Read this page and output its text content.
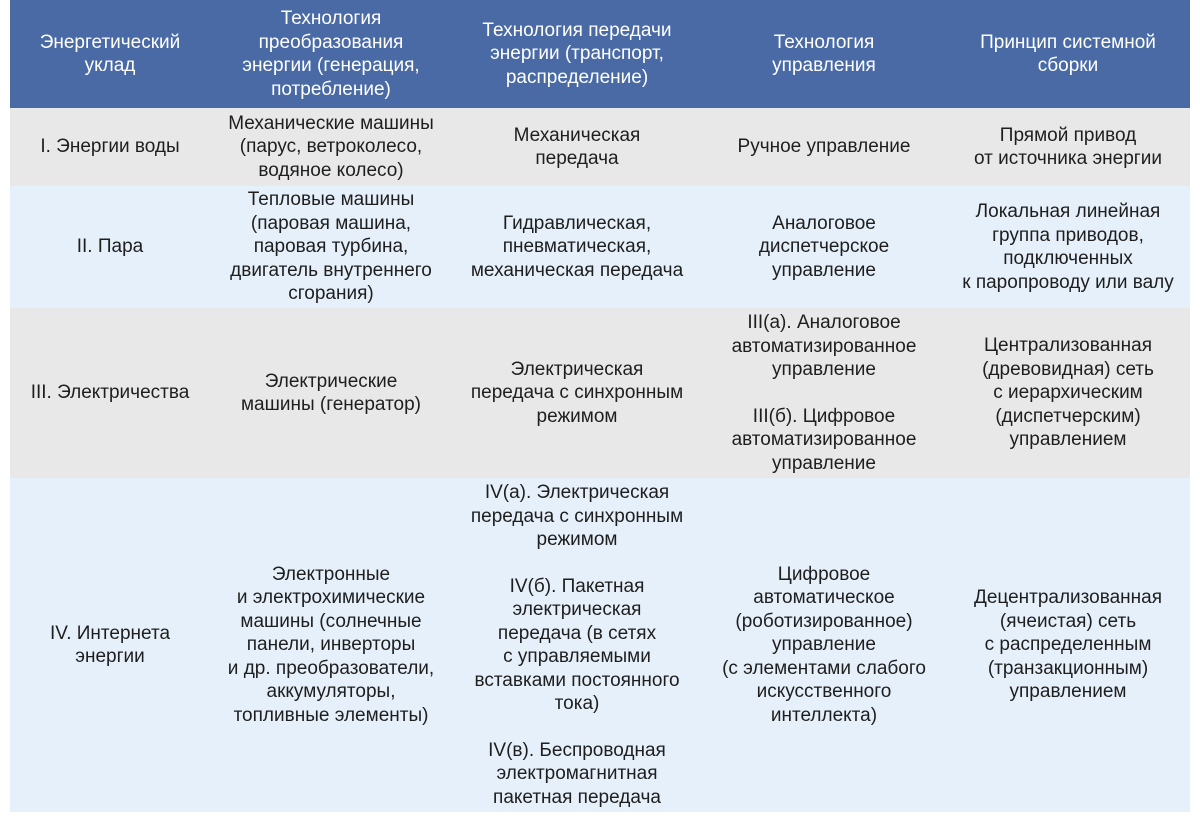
Энергетический
уклад
Технология
преобразования
энергии (генерация,
потребление)
Технология передачи
энергии (транспорт,
распределение)
Технология
управления
Принцип системной
сборки
I. Энергии воды
Механические машины
(парус, ветроколесо,
водяное колесо)
Механическая
передача
Ручное управление
Прямой привод
от источника энергии
II. Пара
Тепловые машины
(паровая машина,
паровая турбина,
двигатель внутреннего
сгорания)
Гидравлическая,
пневматическая,
механическая передача
Аналоговое
диспетчерское
управление
Локальная линейная
группа приводов,
подключенных
к паропроводу или валу
III. Электричества
Электрические
машины (генератор)
Электрическая
передача с синхронным
режимом
III(а). Аналоговое
автоматизированное
управление
III(б). Цифровое
автоматизированное
управление
Централизованная
(древовидная) сеть
с иерархическим
(диспетчерским)
управлением
IV. Интернета
энергии
Электронные
и электрохимические
машины (солнечные
панели, инверторы
и др. преобразователи,
аккумуляторы,
топливные элементы)
IV(а). Электрическая
передача с синхронным
режимом
IV(б). Пакетная
электрическая
передача (в сетях
с управляемыми
вставками постоянного
тока)
IV(в). Беспроводная
электромагнитная
пакетная передача
Цифровое
автоматическое
(роботизированное)
управление
(с элементами слабого
искусственного
интеллекта)
Децентрализованная
(ячеистая) сеть
с распределенным
(транзакционным)
управлением
